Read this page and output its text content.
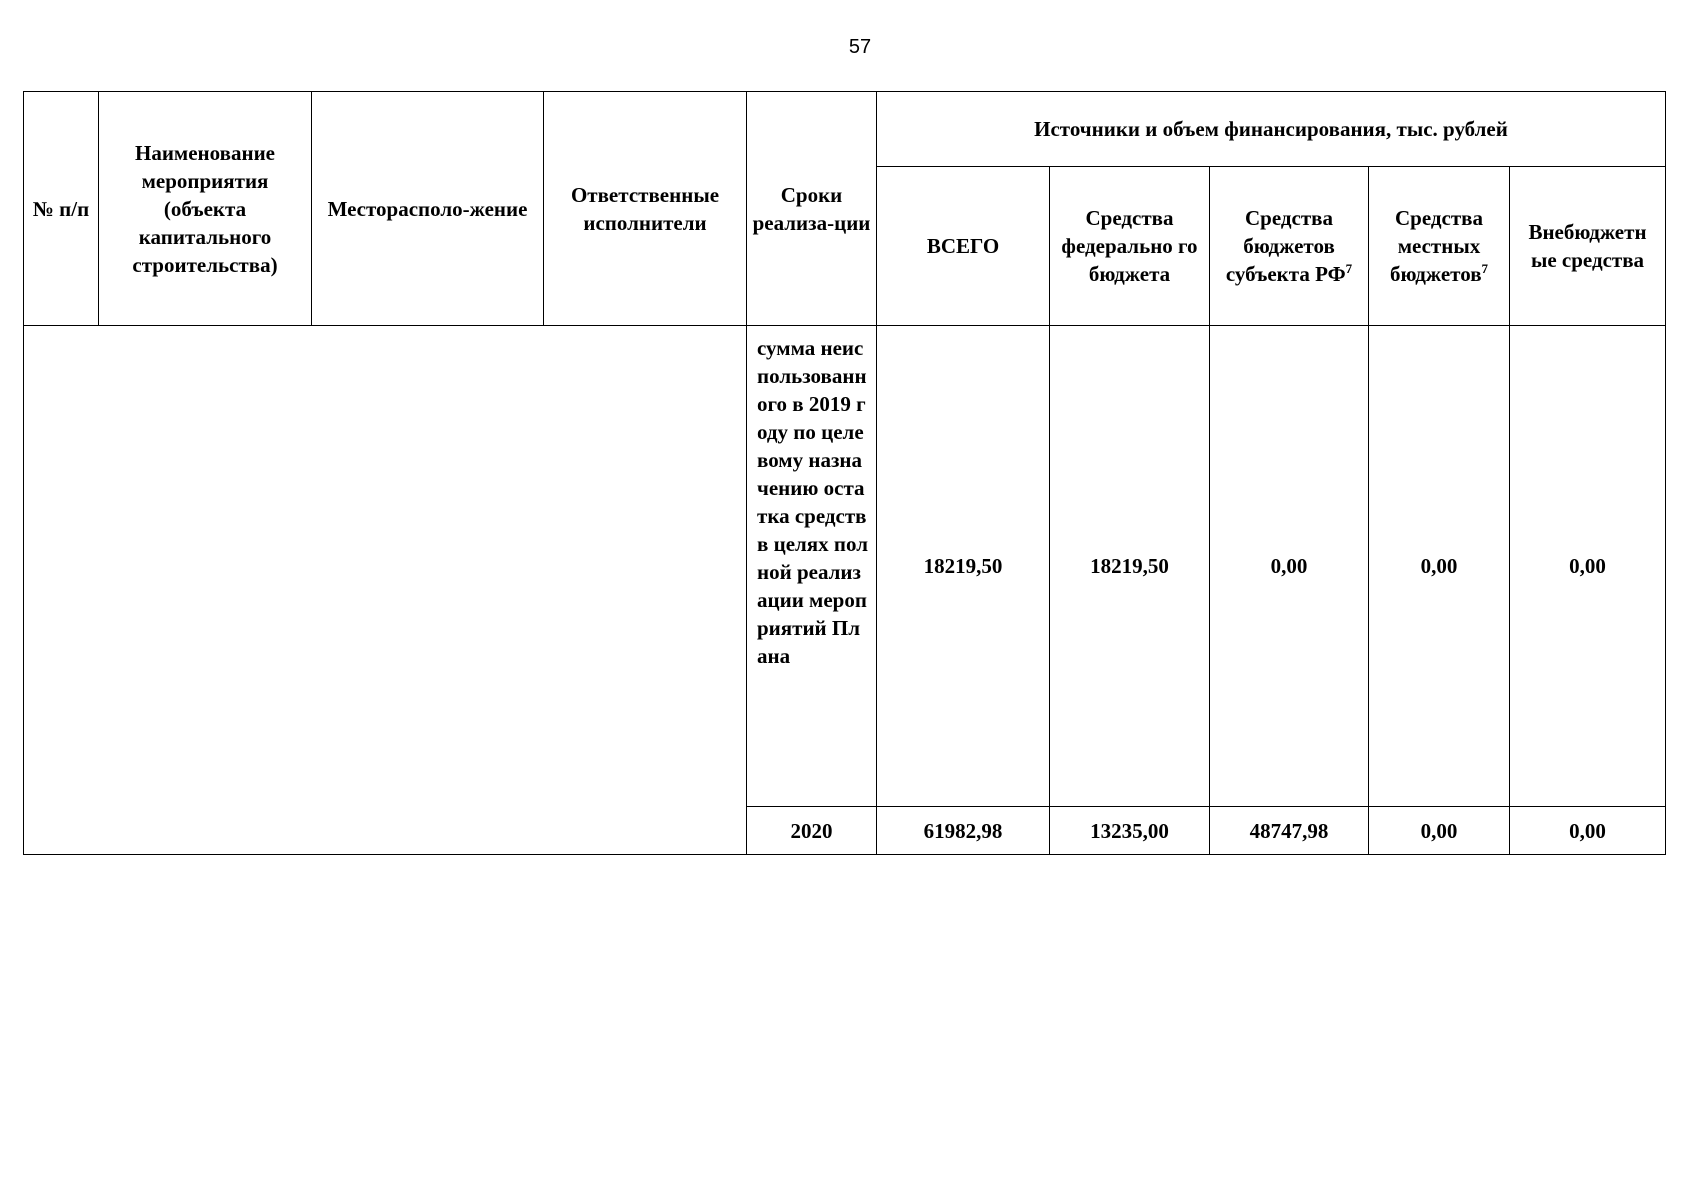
57
№ п/п	Наименование мероприятия (объекта капитального строительства)	Месторасполо-жение	Ответственные исполнители	Сроки реализа-ции	Источники и объем финансирования, тыс. рублей				
					ВСЕГО	Средства федерально го бюджета	Средства бюджетов субъекта $РФ^7$	Средства местных бюджетов$^7$	Внебюджетн ые средства
				сумма неиспользованного в 2019 году по целевому назначению остатка средств в целях полной реализации мероприятий Плана	18219,50	18219,50	0,00	0,00	0,00
				2020	61982,98	13235,00	48747,98	0,00	0,00
